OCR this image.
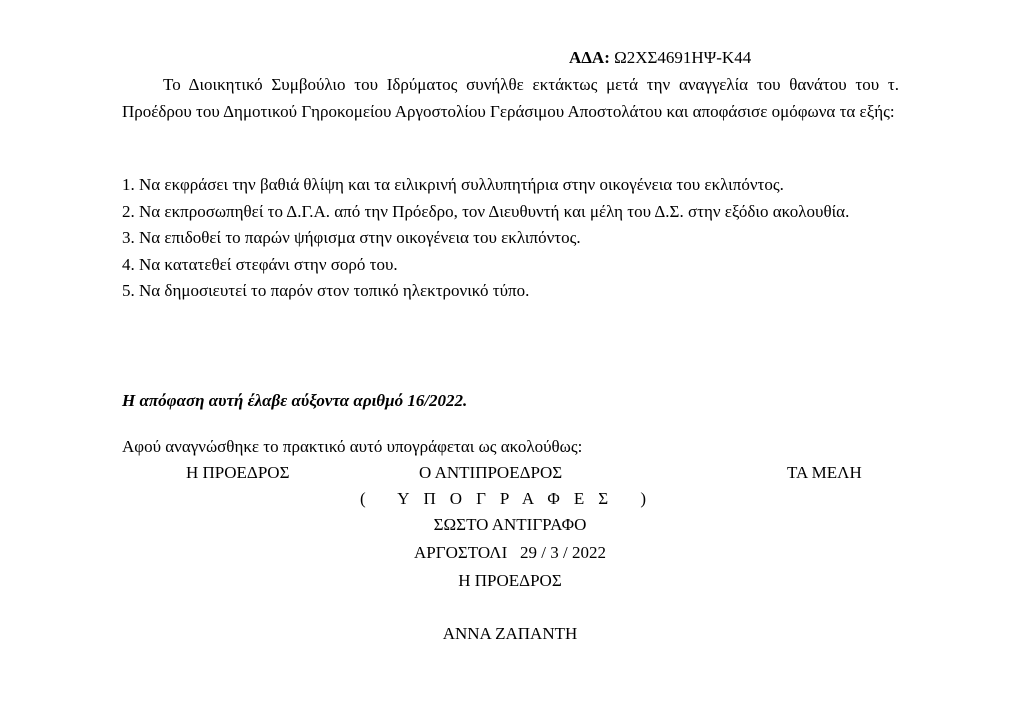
ΑΔΑ: Ω2ΧΣ4691ΗΨ-Κ44

Το Διοικητικό Συμβούλιο του Ιδρύματος συνήλθε εκτάκτως μετά την αναγγελία του θανάτου του τ. Προέδρου του Δημοτικού Γηροκομείου Αργοστολίου Γεράσιμου Αποστολάτου και αποφάσισε ομόφωνα τα εξής:

1. Να εκφράσει την βαθιά θλίψη και τα ειλικρινή συλλυπητήρια στην οικογένεια του εκλιπόντος.
2. Να εκπροσωπηθεί το Δ.Γ.Α. από την Πρόεδρο, τον Διευθυντή και μέλη του Δ.Σ. στην εξόδιο ακολουθία.
3. Να επιδοθεί το παρών ψήφισμα στην οικογένεια του εκλιπόντος.
4. Να κατατεθεί στεφάνι στην σορό του.
5. Να δημοσιευτεί το παρόν στον τοπικό ηλεκτρονικό τύπο.
Η απόφαση αυτή έλαβε αύξοντα αριθμό 16/2022.
Αφού αναγνώσθηκε το πρακτικό αυτό υπογράφεται ως ακολούθως:
Η ΠΡΟΕΔΡΟΣ	Ο ΑΝΤΙΠΡΟΕΔΡΟΣ	ΤΑ ΜΕΛΗ
( ΥΠΟΓΡΑΦΕΣ )
ΣΩΣΤΟ ΑΝΤΙΓΡΑΦΟ
ΑΡΓΟΣΤΟΛΙ   29 / 3 / 2022
Η ΠΡΟΕΔΡΟΣ
ΑΝΝΑ ΖΑΠΑΝΤΗ
